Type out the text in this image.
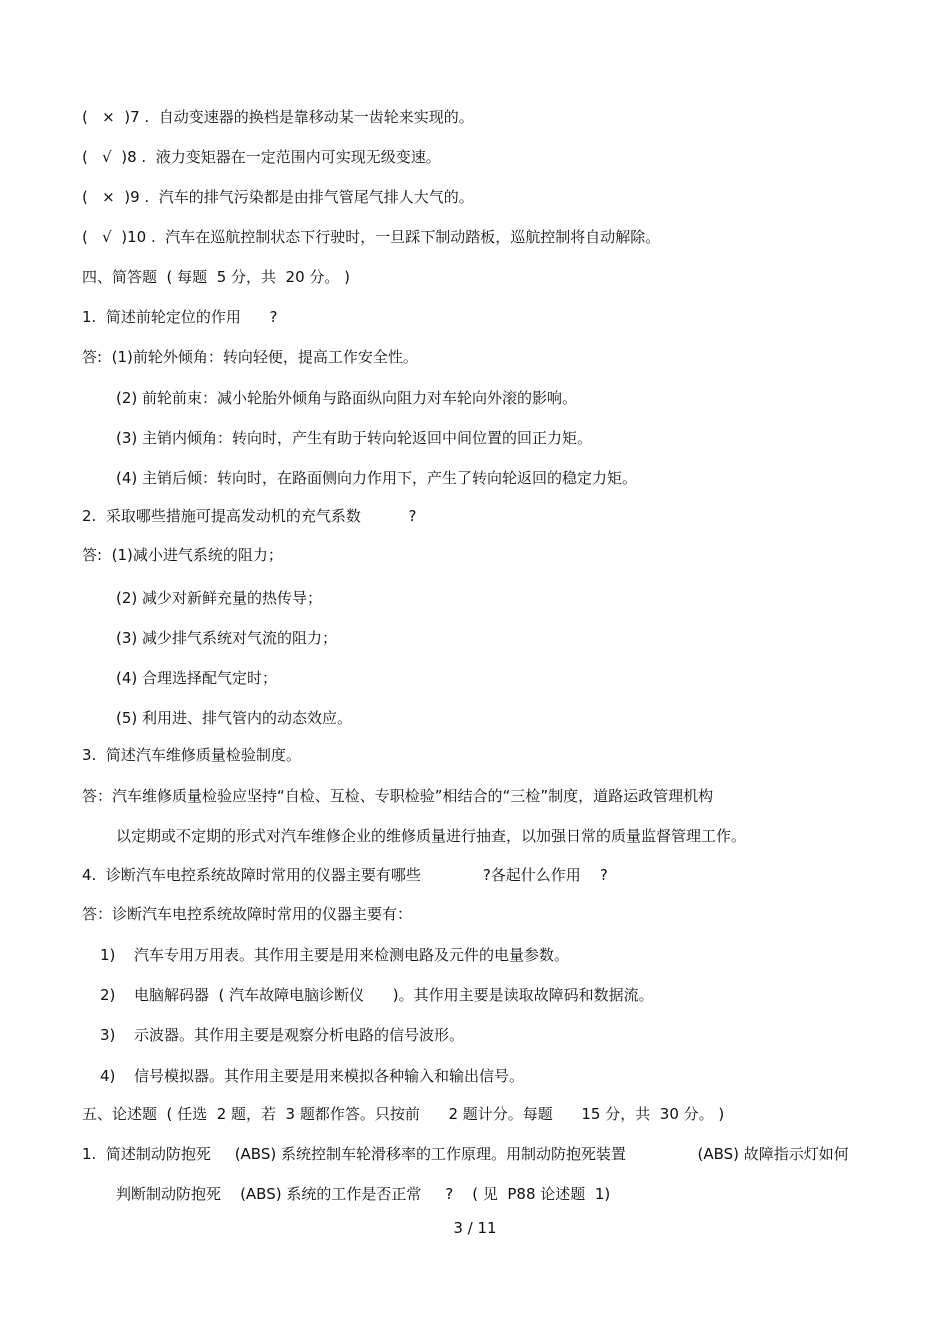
(   ×  )7 .  自动变速器的换档是靠移动某一齿轮来实现的。
(   √  )8 .  液力变矩器在一定范围内可实现无级变速。
(   ×  )9 .  汽车的排气污染都是由排气管尾气排人大气的。
(   √  )10 .  汽车在巡航控制状态下行驶时，一旦踩下制动踏板，巡航控制将自动解除。
四、简答题  ( 每题  5 分，共  20 分。 )
1.  简述前轮定位的作用      ?
答:  (1)前轮外倾角：转向轻便，提高工作安全性。
(2) 前轮前束：减小轮胎外倾角与路面纵向阻力对车轮向外滚的影响。
(3) 主销内倾角：转向时，产生有助于转向轮返回中间位置的回正力矩。
(4) 主销后倾：转向时，在路面侧向力作用下，产生了转向轮返回的稳定力矩。
2.  采取哪些措施可提高发动机的充气系数          ?
答:  (1)减小进气系统的阻力；
(2) 减少对新鲜充量的热传导；
(3) 减少排气系统对气流的阻力；
(4) 合理选择配气定时；
(5) 利用进、排气管内的动态效应。
3.  简述汽车维修质量检验制度。
答：汽车维修质量检验应坚持“自检、互检、专职检验”相结合的“三检”制度，道路运政管理机构
以定期或不定期的形式对汽车维修企业的维修质量进行抽查，以加强日常的质量监督管理工作。
4.  诊断汽车电控系统故障时常用的仪器主要有哪些             ?各起什么作用    ?
答：诊断汽车电控系统故障时常用的仪器主要有：
1) 汽车专用万用表。其作用主要是用来检测电路及元件的电量参数。
2) 电脑解码器  ( 汽车故障电脑诊断仪      )。其作用主要是读取故障码和数据流。
3) 示波器。其作用主要是观察分析电路的信号波形。
4) 信号模拟器。其作用主要是用来模拟各种输入和输出信号。
五、论述题  ( 任选  2 题，若  3 题都作答。只按前      2 题计分。每题      15 分，共  30 分。 )
1.  简述制动防抱死     (ABS) 系统控制车轮滑移率的工作原理。用制动防抱死装置               (ABS) 故障指示灯如何
判断制动防抱死    (ABS) 系统的工作是否正常     ?    ( 见  P88 论述题  1)
3 / 11
